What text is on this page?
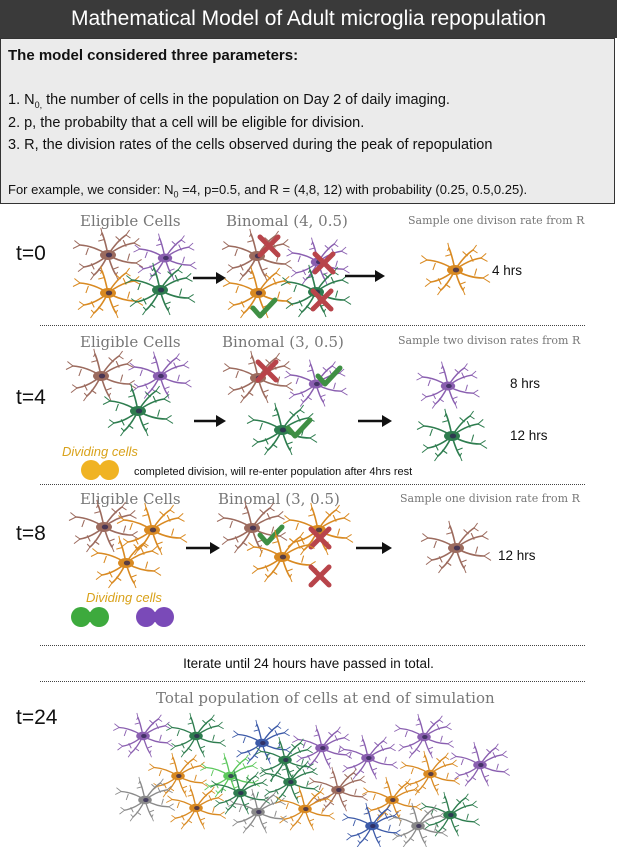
Mathematical Model of Adult microglia repopulation
The model considered three parameters:
1. $N_{0,}$ the number of cells in the population on Day 2 of daily imaging.
2. p, the probabilty that a cell will be eligible for division.
3. R, the division rates of the cells observed during the peak of repopulation
For example, we consider: $N_0 =4$, p=0.5, and R = (4,8, 12) with probability (0.25, 0.5,0.25).
t=0
Eligible Cells	Binomal (4, 0.5)	Sample one divison rate from R
4 hrs
t=4
Eligible Cells	Binomal (3, 0.5)	Sample two divison rates from R
8 hrs
12 hrs
Dividing cells
completed division, will re-enter population after 4hrs rest
t=8
Eligible Cells Binomal (3, 0.5)	Sample one division rate from R
12 hrs
Dividing cells
Iterate until 24 hours have passed in total.
t=24
Total population of cells at end of simulation
